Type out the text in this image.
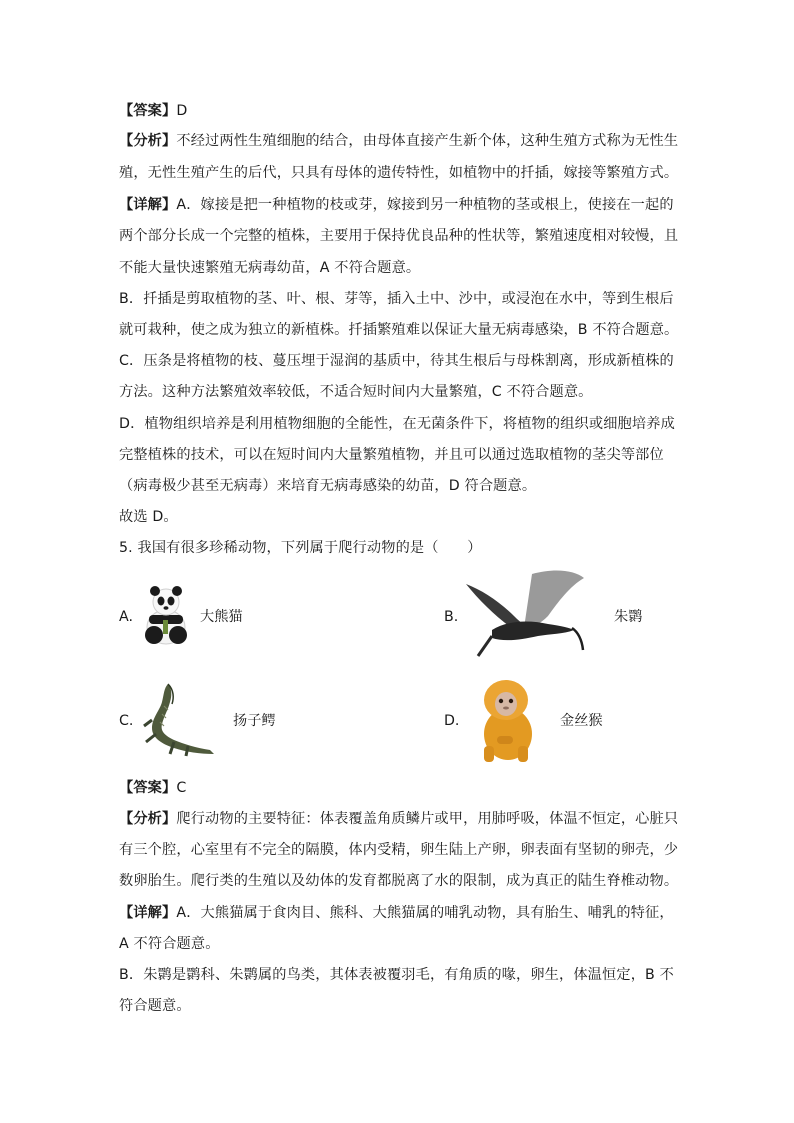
【答案】D
【分析】不经过两性生殖细胞的结合，由母体直接产生新个体，这种生殖方式称为无性生
殖，无性生殖产生的后代，只具有母体的遗传特性，如植物中的扦插，嫁接等繁殖方式。
【详解】A．嫁接是把一种植物的枝或芽，嫁接到另一种植物的茎或根上，使接在一起的
两个部分长成一个完整的植株，主要用于保持优良品种的性状等，繁殖速度相对较慢，且
不能大量快速繁殖无病毒幼苗，A 不符合题意。
B．扦插是剪取植物的茎、叶、根、芽等，插入土中、沙中，或浸泡在水中，等到生根后
就可栽种，使之成为独立的新植株。扦插繁殖难以保证大量无病毒感染，B 不符合题意。
C．压条是将植物的枝、蔓压埋于湿润的基质中，待其生根后与母株割离，形成新植株的
方法。这种方法繁殖效率较低，不适合短时间内大量繁殖，C 不符合题意。
D．植物组织培养是利用植物细胞的全能性，在无菌条件下，将植物的组织或细胞培养成
完整植株的技术，可以在短时间内大量繁殖植物，并且可以通过选取植物的茎尖等部位
（病毒极少甚至无病毒）来培育无病毒感染的幼苗，D 符合题意。
故选 D。
5. 我国有很多珍稀动物，下列属于爬行动物的是（　　）
A.	大熊猫	B.	朱鹮
C.	扬子鳄	D.	金丝猴
【答案】C
【分析】爬行动物的主要特征：体表覆盖角质鳞片或甲，用肺呼吸，体温不恒定，心脏只
有三个腔，心室里有不完全的隔膜，体内受精，卵生陆上产卵，卵表面有坚韧的卵壳，少
数卵胎生。爬行类的生殖以及幼体的发育都脱离了水的限制，成为真正的陆生脊椎动物。
【详解】A．大熊猫属于食肉目、熊科、大熊猫属的哺乳动物，具有胎生、哺乳的特征，
A 不符合题意。
B．朱鹮是鹮科、朱鹮属的鸟类，其体表被覆羽毛，有角质的喙，卵生，体温恒定，B 不
符合题意。
